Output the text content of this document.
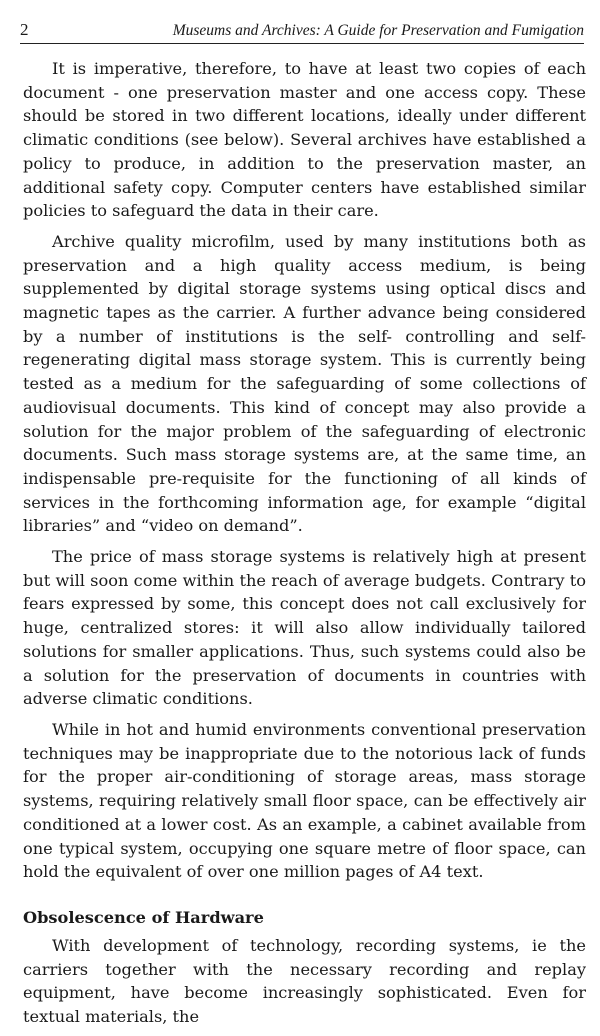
2	Museums and Archives: A Guide for Preservation and Fumigation

It is imperative, therefore, to have at least two copies of each document - one preservation master and one access copy. These should be stored in two different locations, ideally under different climatic conditions (see below). Several archives have established a policy to produce, in addition to the preservation master, an additional safety copy. Computer centers have established similar policies to safeguard the data in their care.

Archive quality microfilm, used by many institutions both as preservation and a high quality access medium, is being supplemented by digital storage systems using optical discs and magnetic tapes as the carrier. A further advance being considered by a number of institutions is the self- controlling and self- regenerating digital mass storage system. This is currently being tested as a medium for the safeguarding of some collections of audiovisual documents. This kind of concept may also provide a solution for the major problem of the safeguarding of electronic documents. Such mass storage systems are, at the same time, an indispensable pre-requisite for the functioning of all kinds of services in the forthcoming information age, for example “digital libraries” and “video on demand”.

The price of mass storage systems is relatively high at present but will soon come within the reach of average budgets. Contrary to fears expressed by some, this concept does not call exclusively for huge, centralized stores: it will also allow individually tailored solutions for smaller applications. Thus, such systems could also be a solution for the preservation of documents in countries with adverse climatic conditions.

While in hot and humid environments conventional preservation techniques may be inappropriate due to the notorious lack of funds for the proper air-conditioning of storage areas, mass storage systems, requiring relatively small floor space, can be effectively air conditioned at a lower cost. As an example, a cabinet available from one typical system, occupying one square metre of floor space, can hold the equivalent of over one million pages of A4 text.

Obsolescence of Hardware

With development of technology, recording systems, ie the carriers together with the necessary recording and replay equipment, have become increasingly sophisticated. Even for textual materials, the
